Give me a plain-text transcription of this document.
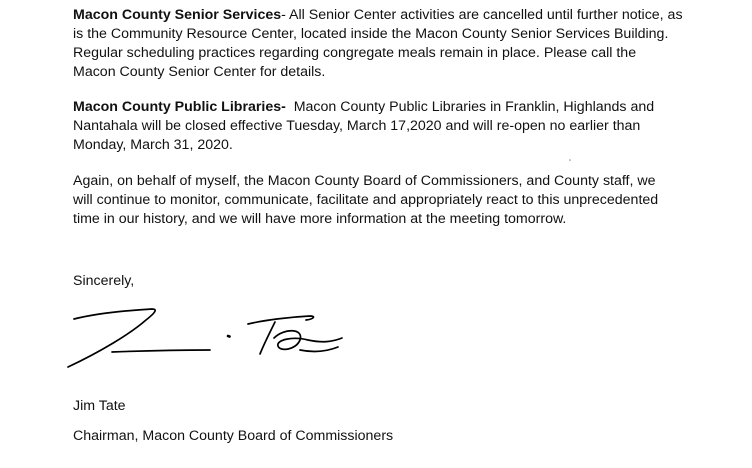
Macon County Senior Services- All Senior Center activities are cancelled until further notice, as
is the Community Resource Center, located inside the Macon County Senior Services Building.
Regular scheduling practices regarding congregate meals remain in place. Please call the
Macon County Senior Center for details.

Macon County Public Libraries-  Macon County Public Libraries in Franklin, Highlands and
Nantahala will be closed effective Tuesday, March 17,2020 and will re-open no earlier than
Monday, March 31, 2020.

Again, on behalf of myself, the Macon County Board of Commissioners, and County staff, we
will continue to monitor, communicate, facilitate and appropriately react to this unprecedented
time in our history, and we will have more information at the meeting tomorrow.

Sincerely,
Jim Tate
Chairman, Macon County Board of Commissioners
